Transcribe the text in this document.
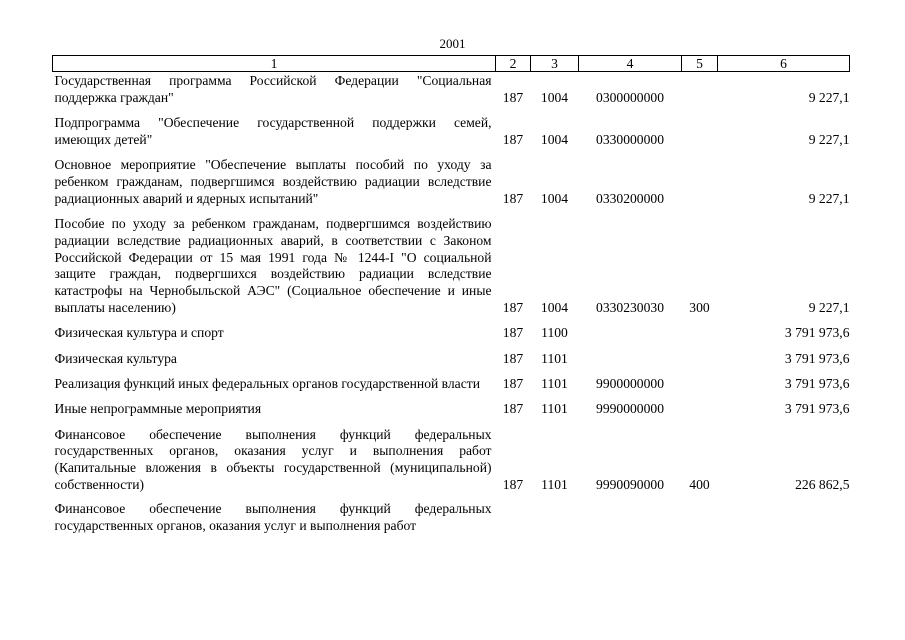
2001
1	2	3	4	5	6
Государственная программа Российской Федерации "Социальная поддержка граждан"	187	1004	0300000000		9 227,1
Подпрограмма "Обеспечение государственной поддержки семей, имеющих детей"	187	1004	0330000000		9 227,1
Основное мероприятие "Обеспечение выплаты пособий по уходу за ребенком гражданам, подвергшимся воздействию радиации вследствие радиационных аварий и ядерных испытаний"	187	1004	0330200000		9 227,1
Пособие по уходу за ребенком гражданам, подвергшимся воздействию радиации вследствие радиационных аварий, в соответствии с Законом Российской Федерации от 15 мая 1991 года № 1244-I "О социальной защите граждан, подвергшихся воздействию радиации вследствие катастрофы на Чернобыльской АЭС" (Социальное обеспечение и иные выплаты населению)	187	1004	0330230030	300	9 227,1
Физическая культура и спорт	187	1100			3 791 973,6
Физическая культура	187	1101			3 791 973,6
Реализация функций иных федеральных органов государственной власти	187	1101	9900000000		3 791 973,6
Иные непрограммные мероприятия	187	1101	9990000000		3 791 973,6
Финансовое обеспечение выполнения функций федеральных государственных органов, оказания услуг и выполнения работ (Капитальные вложения в объекты государственной (муниципальной) собственности)	187	1101	9990090000	400	226 862,5
Финансовое обеспечение выполнения функций федеральных государственных органов, оказания услуг и выполнения работ					
